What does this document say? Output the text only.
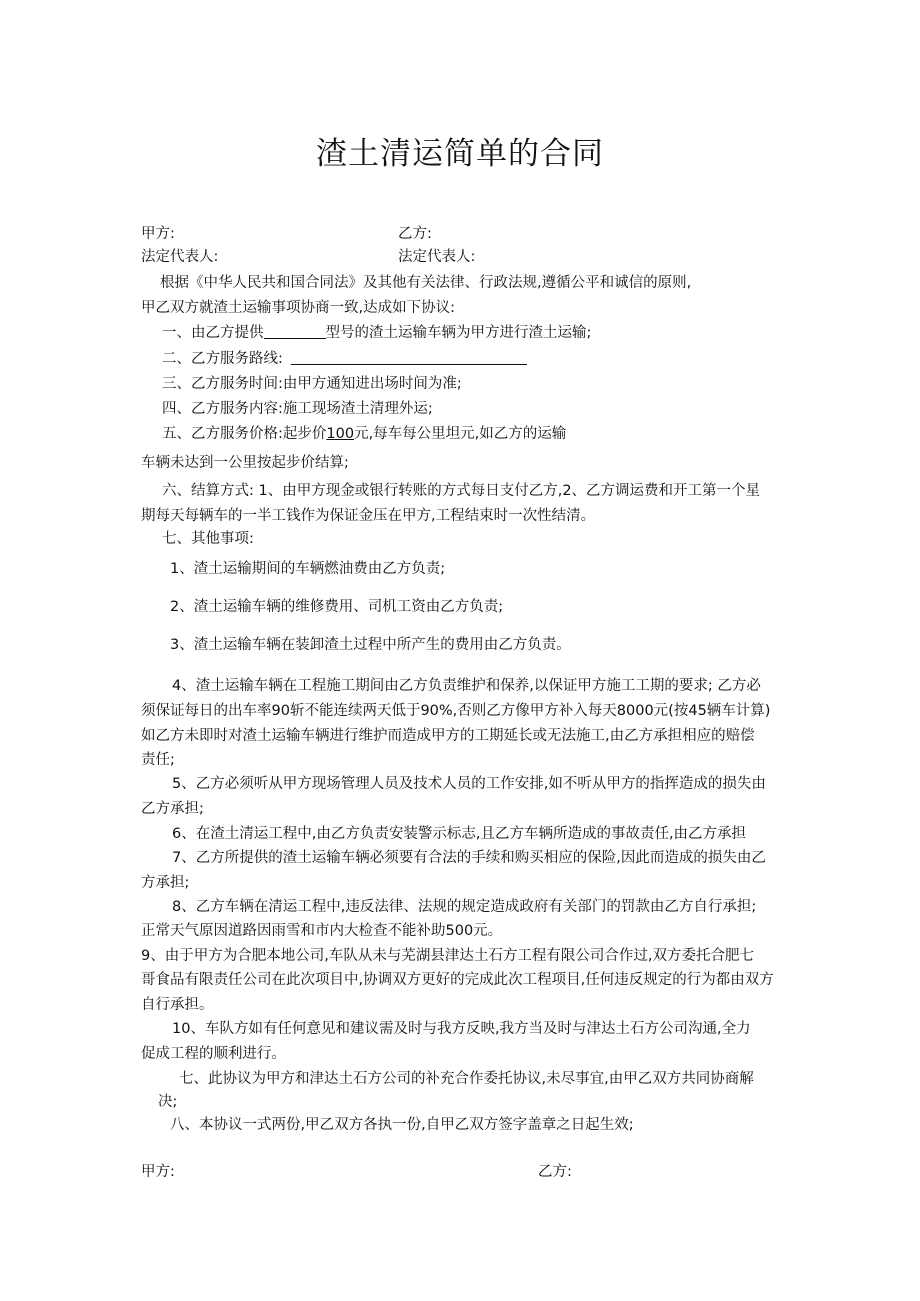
渣土清运简单的合同
甲方:	乙方:
法定代表人:	法定代表人:
根据《中华人民共和国合同法》及其他有关法律、行政法规,遵循公平和诚信的原则,
甲乙双方就渣土运输事项协商一致,达成如下协议:
一、由乙方提供	型号的渣土运输车辆为甲方进行渣土运输;
二、乙方服务路线:
三、乙方服务时间:由甲方通知进出场时间为准;
四、乙方服务内容:施工现场渣土清理外运;
五、乙方服务价格:起步价100元,每车每公里坦元,如乙方的运输
车辆未达到一公里按起步价结算;
六、结算方式: 1、由甲方现金或银行转账的方式每日支付乙方,2、乙方调运费和开工第一个星
期每天每辆车的一半工钱作为保证金压在甲方,工程结束时一次性结清。
七、其他事项:
1、渣土运输期间的车辆燃油费由乙方负责;
2、渣土运输车辆的维修费用、司机工资由乙方负责;
3、渣土运输车辆在装卸渣土过程中所产生的费用由乙方负责。
4、渣土运输车辆在工程施工期间由乙方负责维护和保养,以保证甲方施工工期的要求; 乙方必
须保证每日的出车率90斩不能连续两天低于90%,否则乙方像甲方补入每天8000元(按45辆车计算)
如乙方未即时对渣土运输车辆进行维护而造成甲方的工期延长或无法施工,由乙方承担相应的赔偿
责任;
5、乙方必须听从甲方现场管理人员及技术人员的工作安排,如不听从甲方的指挥造成的损失由
乙方承担;
6、在渣土清运工程中,由乙方负责安装警示标志,且乙方车辆所造成的事故责任,由乙方承担
7、乙方所提供的渣土运输车辆必须要有合法的手续和购买相应的保险,因此而造成的损失由乙
方承担;
8、乙方车辆在清运工程中,违反法律、法规的规定造成政府有关部门的罚款由乙方自行承担;
正常天气原因道路因雨雪和市内大检查不能补助500元。
9、由于甲方为合肥本地公司,车队从未与芜湖县津达土石方工程有限公司合作过,双方委托合肥七
哥食品有限责任公司在此次项目中,协调双方更好的完成此次工程项目,任何违反规定的行为都由双方
自行承担。
10、车队方如有任何意见和建议需及时与我方反映,我方当及时与津达土石方公司沟通,全力
促成工程的顺利进行。
七、此协议为甲方和津达土石方公司的补充合作委托协议,未尽事宜,由甲乙双方共同协商解
决;
八、本协议一式两份,甲乙双方各执一份,自甲乙双方签字盖章之日起生效;
甲方:	乙方:
